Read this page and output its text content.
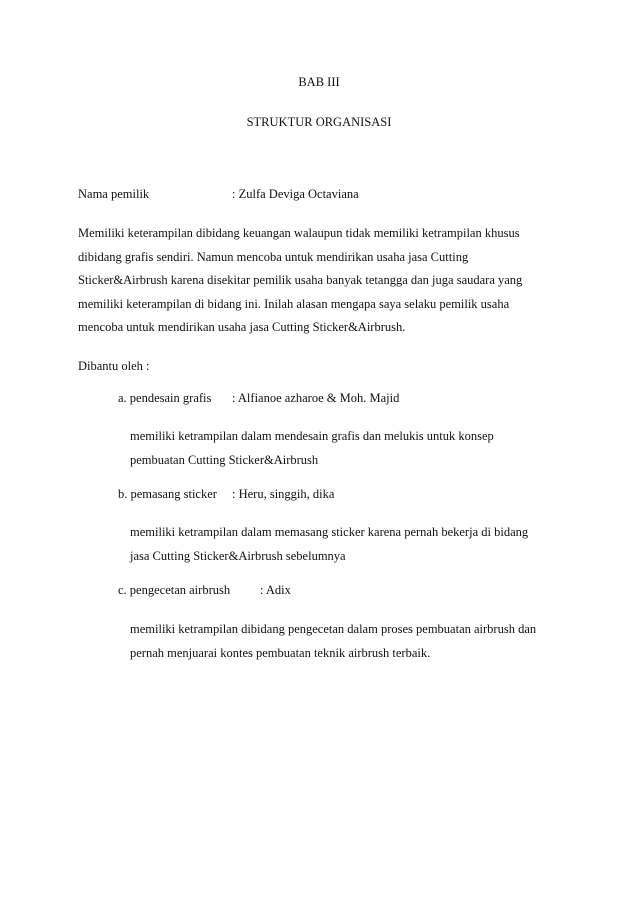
BAB III
STRUKTUR ORGANISASI
Nama pemilik	: Zulfa Deviga Octaviana
Memiliki keterampilan dibidang keuangan walaupun tidak memiliki ketrampilan khusus
dibidang grafis sendiri. Namun mencoba untuk mendirikan usaha jasa Cutting
Sticker&Airbrush karena disekitar pemilik usaha banyak tetangga dan juga saudara yang
memiliki keterampilan di bidang ini. Inilah alasan mengapa saya selaku pemilik usaha
mencoba untuk mendirikan usaha jasa Cutting Sticker&Airbrush.
Dibantu oleh :
a. pendesain grafis : Alfianoe azharoe & Moh. Majid
memiliki ketrampilan dalam mendesain grafis dan melukis untuk konsep
pembuatan Cutting Sticker&Airbrush
b. pemasang sticker : Heru, singgih, dika
memiliki ketrampilan dalam memasang sticker karena pernah bekerja di bidang
jasa Cutting Sticker&Airbrush sebelumnya
c. pengecetan airbrush : Adix
memiliki ketrampilan dibidang pengecetan dalam proses pembuatan airbrush dan
pernah menjuarai kontes pembuatan teknik airbrush terbaik.
